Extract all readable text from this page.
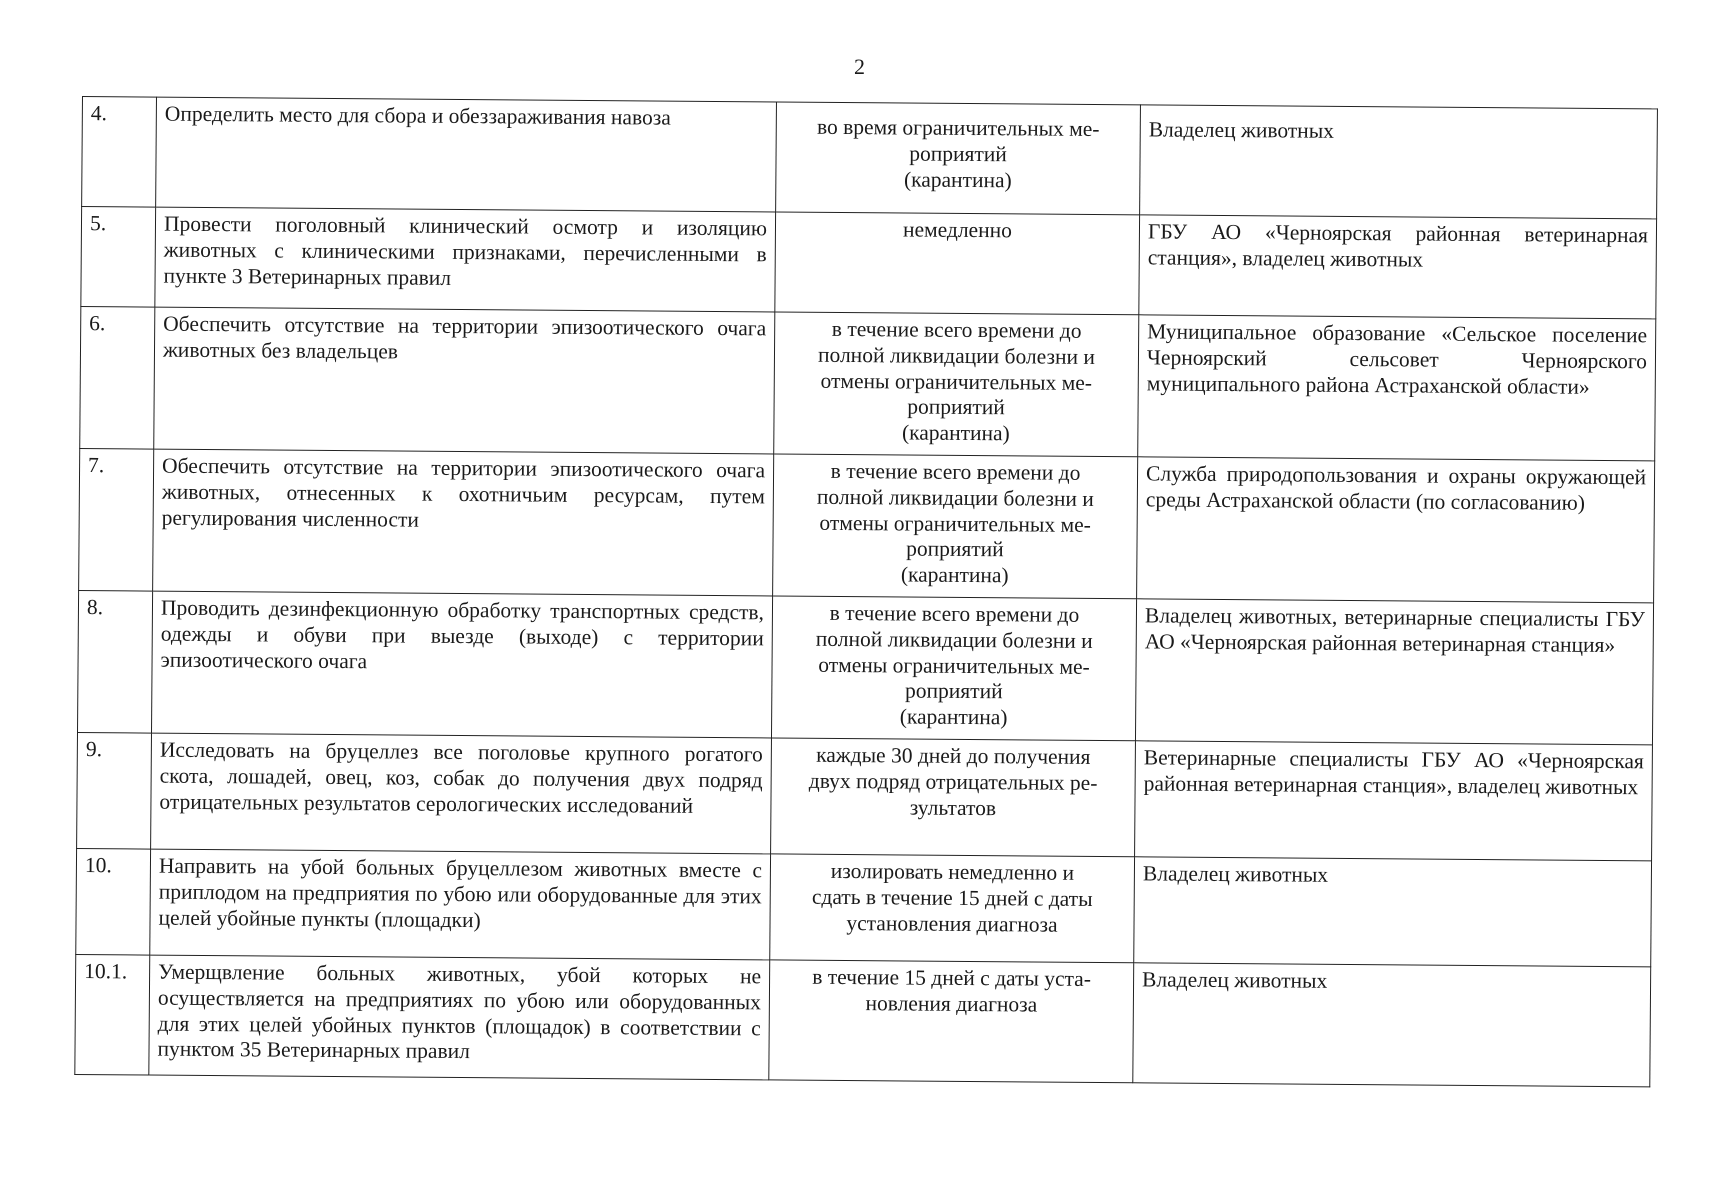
2
4.	Определить место для сбора и обеззараживания навоза	во время ограничительных ме-
роприятий
(карантина)	Владелец животных
5.	Провести поголовный клинический осмотр и изоляцию животных с клиническими признаками, перечисленными в пункте 3 Ветеринарных правил	немедленно	ГБУ АО «Черноярская районная ветеринарная станция», владелец животных
6.	Обеспечить отсутствие на территории эпизоотического очага животных без владельцев	в течение всего времени до
полной ликвидации болезни и
отмены ограничительных ме-
роприятий
(карантина)	Муниципальное образование «Сельское поселение Черноярский сельсовет Черноярского муниципального района Астраханской области»
7.	Обеспечить отсутствие на территории эпизоотического очага животных, отнесенных к охотничьим ресурсам, путем регулирования численности	в течение всего времени до
полной ликвидации болезни и
отмены ограничительных ме-
роприятий
(карантина)	Служба природопользования и охраны окружающей среды Астраханской области (по согласованию)
8.	Проводить дезинфекционную обработку транспортных средств, одежды и обуви при выезде (выходе) с территории эпизоотического очага	в течение всего времени до
полной ликвидации болезни и
отмены ограничительных ме-
роприятий
(карантина)	Владелец животных, ветеринарные специалисты ГБУ АО «Черноярская районная ветеринарная станция»
9.	Исследовать на бруцеллез все поголовье крупного рогатого скота, лошадей, овец, коз, собак до получения двух подряд отрицательных результатов серологических исследований	каждые 30 дней до получения
двух подряд отрицательных ре-
зультатов	Ветеринарные специалисты ГБУ АО «Черноярская районная ветеринарная станция», владелец животных
10.	Направить на убой больных бруцеллезом животных вместе с приплодом на предприятия по убою или оборудованные для этих целей убойные пункты (площадки)	изолировать немедленно и
сдать в течение 15 дней с даты
установления диагноза	Владелец животных
10.1.	Умерщвление больных животных, убой которых не осуществляется на предприятиях по убою или оборудованных для этих целей убойных пунктов (площадок) в соответствии с пунктом 35 Ветеринарных правил	в течение 15 дней с даты уста-
новления диагноза	Владелец животных
